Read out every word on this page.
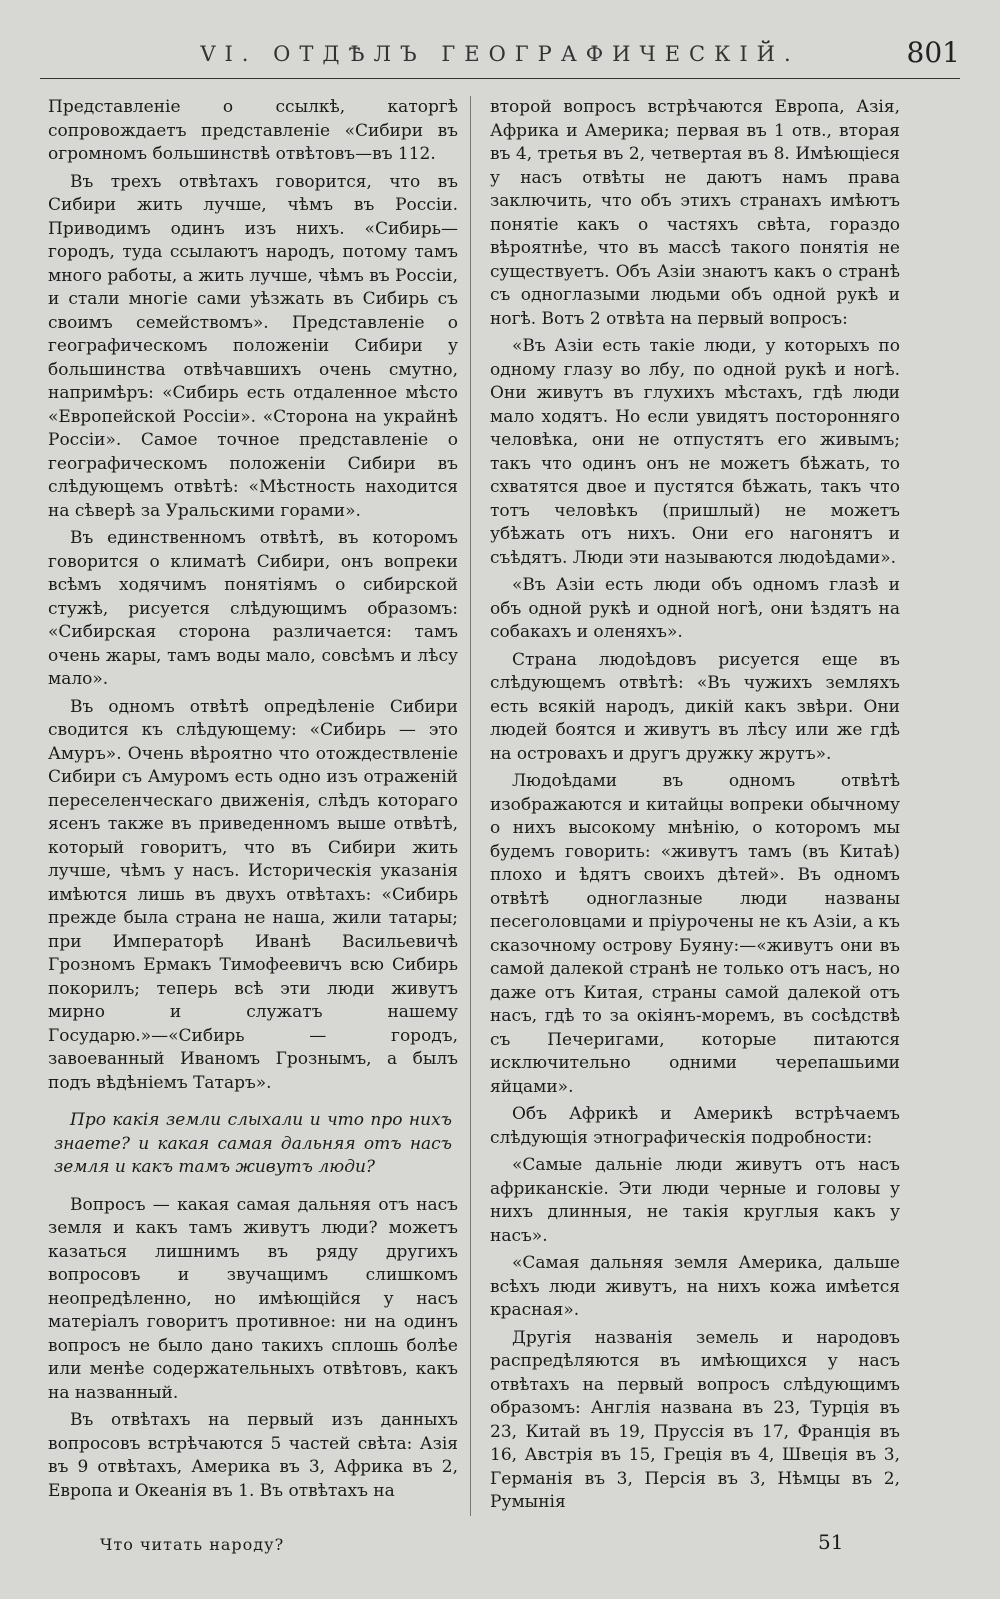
VI. ОТДѢЛЪ ГЕОГРАФИЧЕСКІЙ.	801

Представленіе о ссылкѣ, каторгѣ сопровождаетъ представленіе «Сибири въ огромномъ большинствѣ отвѣтовъ—въ 112.

Въ трехъ отвѣтахъ говорится, что въ Сибири жить лучше, чѣмъ въ Россіи. Приводимъ одинъ изъ нихъ. «Сибирь—городъ, туда ссылаютъ народъ, потому тамъ много работы, а жить лучше, чѣмъ въ Россіи, и стали многіе сами уѣзжать въ Сибирь съ своимъ семействомъ». Представленіе о географическомъ положеніи Сибири у большинства отвѣчавшихъ очень смутно, напримѣръ: «Сибирь есть отдаленное мѣсто «Европейской Россіи». «Сторона на украйнѣ Россіи». Самое точное представленіе о географическомъ положеніи Сибири въ слѣдующемъ отвѣтѣ: «Мѣстность находится на сѣверѣ за Уральскими горами».

Въ единственномъ отвѣтѣ, въ которомъ говорится о климатѣ Сибири, онъ вопреки всѣмъ ходячимъ понятіямъ о сибирской стужѣ, рисуется слѣдующимъ образомъ: «Сибирская сторона различается: тамъ очень жары, тамъ воды мало, совсѣмъ и лѣсу мало».

Въ одномъ отвѣтѣ опредѣленіе Сибири сводится къ слѣдующему: «Сибирь — это Амуръ». Очень вѣроятно что отождествленіе Сибири съ Амуромъ есть одно изъ отраженій переселенческаго движенія, слѣдъ котораго ясенъ также въ приведенномъ выше отвѣтѣ, который говоритъ, что въ Сибири жить лучше, чѣмъ у насъ. Историческія указанія имѣются лишь въ двухъ отвѣтахъ: «Сибирь прежде была страна не наша, жили татары; при Императорѣ Иванѣ Васильевичѣ Грозномъ Ермакъ Тимофеевичъ всю Сибирь покорилъ; теперь всѣ эти люди живутъ мирно и служатъ нашему Государю.»—«Сибирь — городъ, завоеванный Иваномъ Грознымъ, а былъ подъ вѣдѣніемъ Татаръ».

Про какія земли слыхали и что про нихъ знаете? и какая самая дальняя отъ насъ земля и какъ тамъ живутъ люди?

Вопросъ — какая самая дальняя отъ насъ земля и какъ тамъ живутъ люди? можетъ казаться лишнимъ въ ряду другихъ вопросовъ и звучащимъ слишкомъ неопредѣленно, но имѣющійся у насъ матеріалъ говоритъ противное: ни на одинъ вопросъ не было дано такихъ сплошь болѣе или менѣе содержательныхъ отвѣтовъ, какъ на названный.

Въ отвѣтахъ на первый изъ данныхъ вопросовъ встрѣчаются 5 частей свѣта: Азія въ 9 отвѣтахъ, Америка въ 3, Африка въ 2, Европа и Океанія въ 1. Въ отвѣтахъ на

второй вопросъ встрѣчаются Европа, Азія, Африка и Америка; первая въ 1 отв., вторая въ 4, третья въ 2, четвертая въ 8. Имѣющіеся у насъ отвѣты не даютъ намъ права заключить, что объ этихъ странахъ имѣютъ понятіе какъ о частяхъ свѣта, гораздо вѣроятнѣе, что въ массѣ такого понятія не существуетъ. Объ Азіи знаютъ какъ о странѣ съ одноглазыми людьми объ одной рукѣ и ногѣ. Вотъ 2 отвѣта на первый вопросъ:

«Въ Азіи есть такіе люди, у которыхъ по одному глазу во лбу, по одной рукѣ и ногѣ. Они живутъ въ глухихъ мѣстахъ, гдѣ люди мало ходятъ. Но если увидятъ посторонняго человѣка, они не отпустятъ его живымъ; такъ что одинъ онъ не можетъ бѣжать, то схватятся двое и пустятся бѣжать, такъ что тотъ человѣкъ (пришлый) не можетъ убѣжать отъ нихъ. Они его нагонятъ и съѣдятъ. Люди эти называются людоѣдами».

«Въ Азіи есть люди объ одномъ глазѣ и объ одной рукѣ и одной ногѣ, они ѣздятъ на собакахъ и оленяхъ».

Страна людоѣдовъ рисуется еще въ слѣдующемъ отвѣтѣ: «Въ чужихъ земляхъ есть всякій народъ, дикій какъ звѣри. Они людей боятся и живутъ въ лѣсу или же гдѣ на островахъ и другъ дружку жрутъ».

Людоѣдами въ одномъ отвѣтѣ изображаются и китайцы вопреки обычному о нихъ высокому мнѣнію, о которомъ мы будемъ говорить: «живутъ тамъ (въ Китаѣ) плохо и ѣдятъ своихъ дѣтей». Въ одномъ отвѣтѣ одноглазные люди названы песеголовцами и пріурочены не къ Азіи, а къ сказочному острову Буяну:—«живутъ они въ самой далекой странѣ не только отъ насъ, но даже отъ Китая, страны самой далекой отъ насъ, гдѣ то за окіянъ-моремъ, въ сосѣдствѣ съ Печеригами, которые питаются исключительно одними черепашьими яйцами».

Объ Африкѣ и Америкѣ встрѣчаемъ слѣдующія этнографическія подробности:

«Самые дальніе люди живутъ отъ насъ африканскіе. Эти люди черные и головы у нихъ длинныя, не такія круглыя какъ у насъ».

«Самая дальняя земля Америка, дальше всѣхъ люди живутъ, на нихъ кожа имѣется красная».

Другія названія земель и народовъ распредѣляются въ имѣющихся у насъ отвѣтахъ на первый вопросъ слѣдующимъ образомъ: Англія названа въ 23, Турція въ 23, Китай въ 19, Пруссія въ 17, Франція въ 16, Австрія въ 15, Греція въ 4, Швеція въ 3, Германія въ 3, Персія въ 3, Нѣмцы въ 2, Румынія

Что читать народу?	51
